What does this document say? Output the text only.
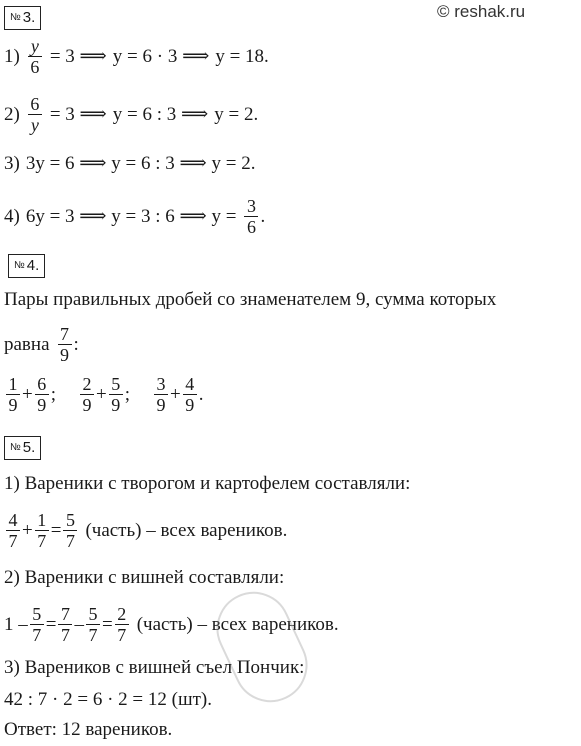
№ 3.	© reshak.ru
$1) \frac{y}{6} = 3$ ⟹ y = 6 · 3 ⟹ y = 18.
$2) \frac{6}{y} = 3$ ⟹ y = 6 : 3 ⟹ y = 2.
3) 3y = 6 ⟹ y = 6 : 3 ⟹ y = 2.
4) 6y = 3 ⟹ y = 3 : 6 ⟹ $y = \frac{3}{6}$ .
№ 4.
Пары правильных дробей со знаменателем 9, сумма которых
равна $\frac{7}{9}$ :
$\frac{1}{9} + \frac{6}{9}$ ; $\frac{2}{9} + \frac{5}{9}$ ; $\frac{3}{9} + \frac{4}{9}$ .
№ 5.
1) Вареники с творогом и картофелем составляли:
$\frac{4}{7} + \frac{1}{7} = \frac{5}{7}$ (часть) – всех вареников.
2) Вареники с вишней составляли:
$1 - \frac{5}{7} = \frac{7}{7} - \frac{5}{7} = \frac{2}{7}$ (часть) – всех вареников.
3) Вареников с вишней съел Пончик:
42 : 7 · 2 = 6 · 2 = 12 (шт).
Ответ: 12 вареников.
